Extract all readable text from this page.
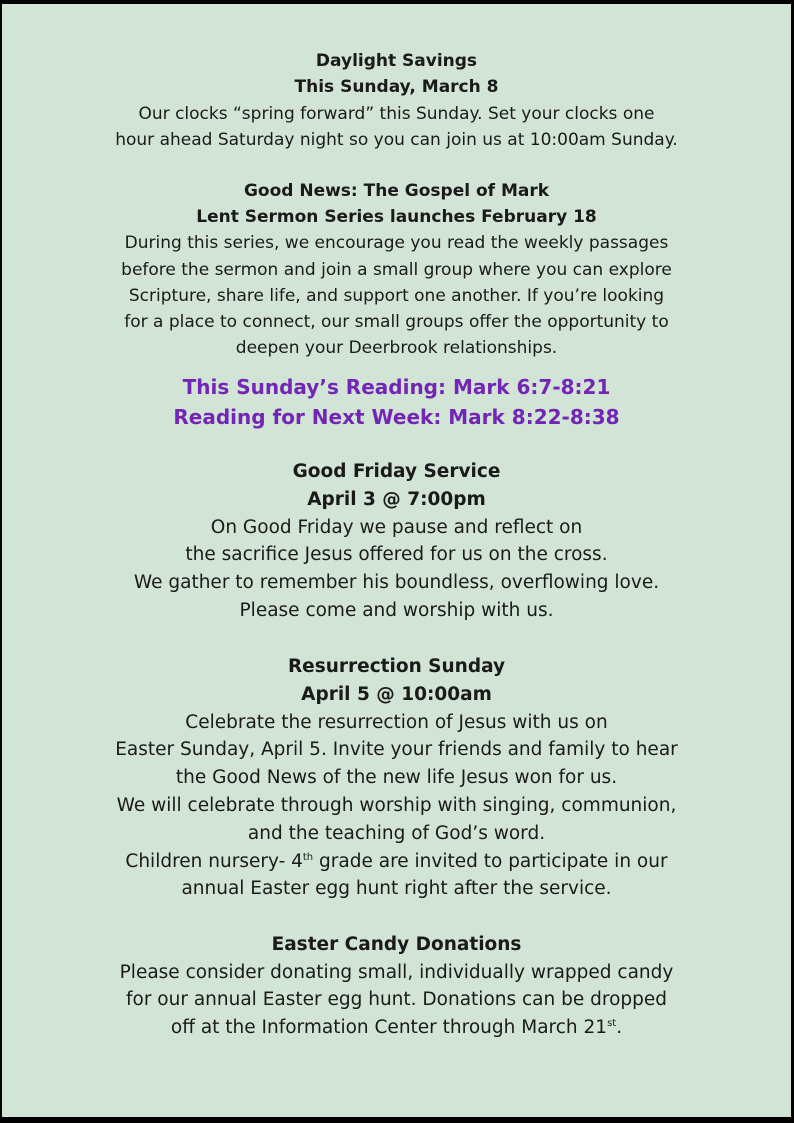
Daylight Savings
This Sunday, March 8
Our clocks “spring forward” this Sunday. Set your clocks one
hour ahead Saturday night so you can join us at 10:00am Sunday.
Good News: The Gospel of Mark
Lent Sermon Series launches February 18
During this series, we encourage you read the weekly passages
before the sermon and join a small group where you can explore
Scripture, share life, and support one another. If you’re looking
for a place to connect, our small groups offer the opportunity to
deepen your Deerbrook relationships.
This Sunday’s Reading: Mark 6:7-8:21
Reading for Next Week: Mark 8:22-8:38
Good Friday Service
April 3 @ 7:00pm
On Good Friday we pause and reflect on
the sacrifice Jesus offered for us on the cross.
We gather to remember his boundless, overflowing love.
Please come and worship with us.
Resurrection Sunday
April 5 @ 10:00am
Celebrate the resurrection of Jesus with us on
Easter Sunday, April 5. Invite your friends and family to hear
the Good News of the new life Jesus won for us.
We will celebrate through worship with singing, communion,
and the teaching of God’s word.
Children nursery- 4th grade are invited to participate in our
annual Easter egg hunt right after the service.
Easter Candy Donations
Please consider donating small, individually wrapped candy
for our annual Easter egg hunt. Donations can be dropped
off at the Information Center through March 21st.
